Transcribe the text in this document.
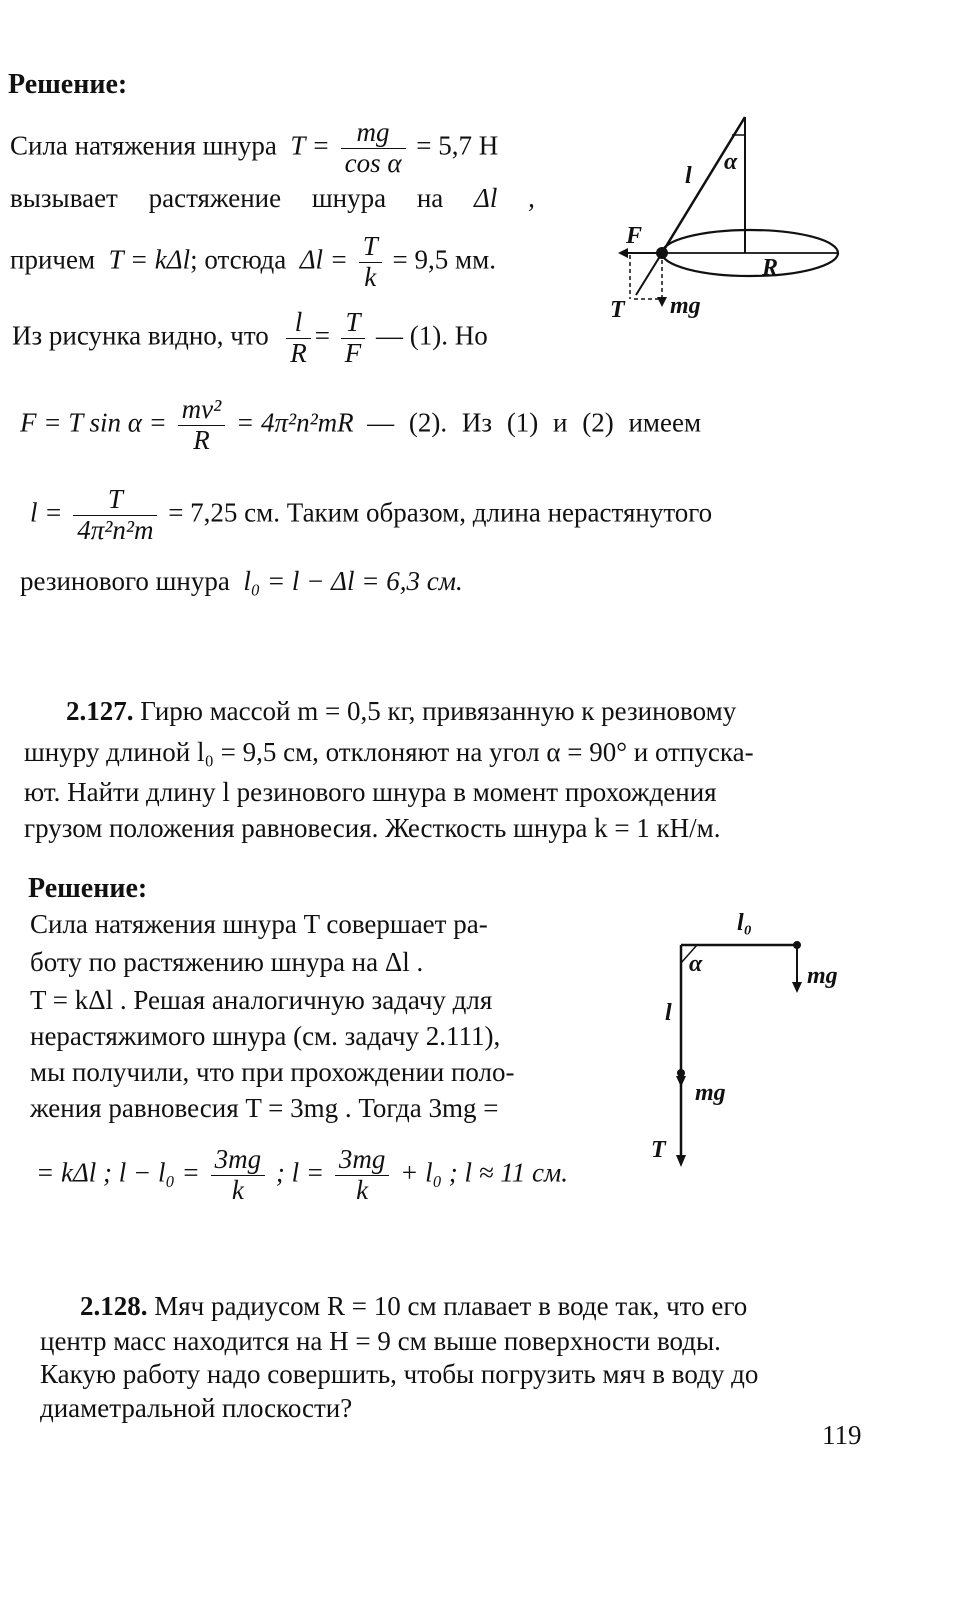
Решение:
Сила натяжения шнура $T = \frac{mg}{\text{cos α}} = 5,7$ Н
вызывает растяжение шнура на Δl ,
причем T = kΔl; отсюда $\Delta l = \frac{T}{k} = 9,5$ мм.
Из рисунка видно, что $\frac{l}{R} = \frac{T}{F}$ — (1). Но
F = T $\sin \alpha = \frac{\text{mv²}}{R} = 4\pi^2n^2mR$ — (2). Из (1) и (2) имеем
$l = \frac{T}{\text{4π²n²m}} = 7,25$ см. Таким образом, длина нерастянутого
резинового шнура l₀ = l − Δl = 6,3 см.
l
α
F⃗
R
T⃗ mg⃗
2.127. Гирю массой m = 0,5 кг, привязанную к резиновому
шнуру длиной l₀ = 9,5 см, отклоняют на угол α = 90° и отпуска-
ют. Найти длину l резинового шнура в момент прохождения
грузом положения равновесия. Жесткость шнура k = 1 кН/м.
Решение:
Сила натяжения шнура T совершает ра-
боту по растяжению шнура на Δl .
T = kΔl . Решая аналогичную задачу для
нерастяжимого шнура (см. задачу 2.111),
мы получили, что при прохождении поло-
жения равновесия T = 3mg . Тогда 3mg =
= kΔl ; $l - l_0 = \frac{3mg}{k}$ ; $l = \frac{3mg}{k} + l_0$ ; l ≈ 11 см.
l₀
α	mg⃗
l
mg⃗
T⃗
2.128. Мяч радиусом R = 10 см плавает в воде так, что его
центр масс находится на H = 9 см выше поверхности воды.
Какую работу надо совершить, чтобы погрузить мяч в воду до
диаметральной плоскости?
119
